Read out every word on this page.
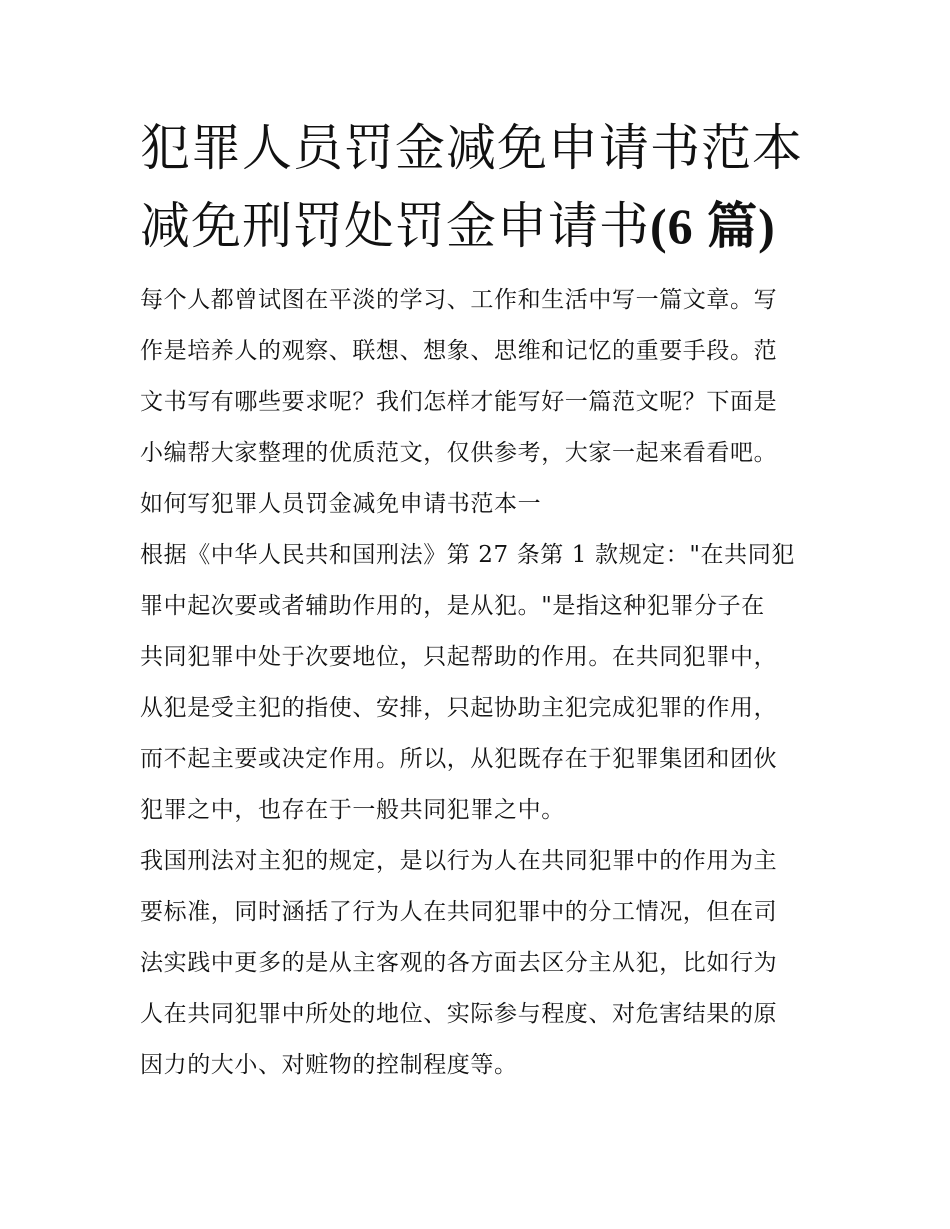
犯罪人员罚金减免申请书范本
减免刑罚处罚金申请书(6 篇)

每个人都曾试图在平淡的学习、工作和生活中写一篇文章。写

作是培养人的观察、联想、想象、思维和记忆的重要手段。范

文书写有哪些要求呢？我们怎样才能写好一篇范文呢？下面是

小编帮大家整理的优质范文，仅供参考，大家一起来看看吧。

如何写犯罪人员罚金减免申请书范本一

根据《中华人民共和国刑法》第 27 条第 1 款规定："在共同犯

罪中起次要或者辅助作用的，是从犯。"是指这种犯罪分子在

共同犯罪中处于次要地位，只起帮助的作用。在共同犯罪中，

从犯是受主犯的指使、安排，只起协助主犯完成犯罪的作用，

而不起主要或决定作用。所以，从犯既存在于犯罪集团和团伙

犯罪之中，也存在于一般共同犯罪之中。

我国刑法对主犯的规定，是以行为人在共同犯罪中的作用为主

要标准，同时涵括了行为人在共同犯罪中的分工情况，但在司

法实践中更多的是从主客观的各方面去区分主从犯，比如行为

人在共同犯罪中所处的地位、实际参与程度、对危害结果的原

因力的大小、对赃物的控制程度等。
